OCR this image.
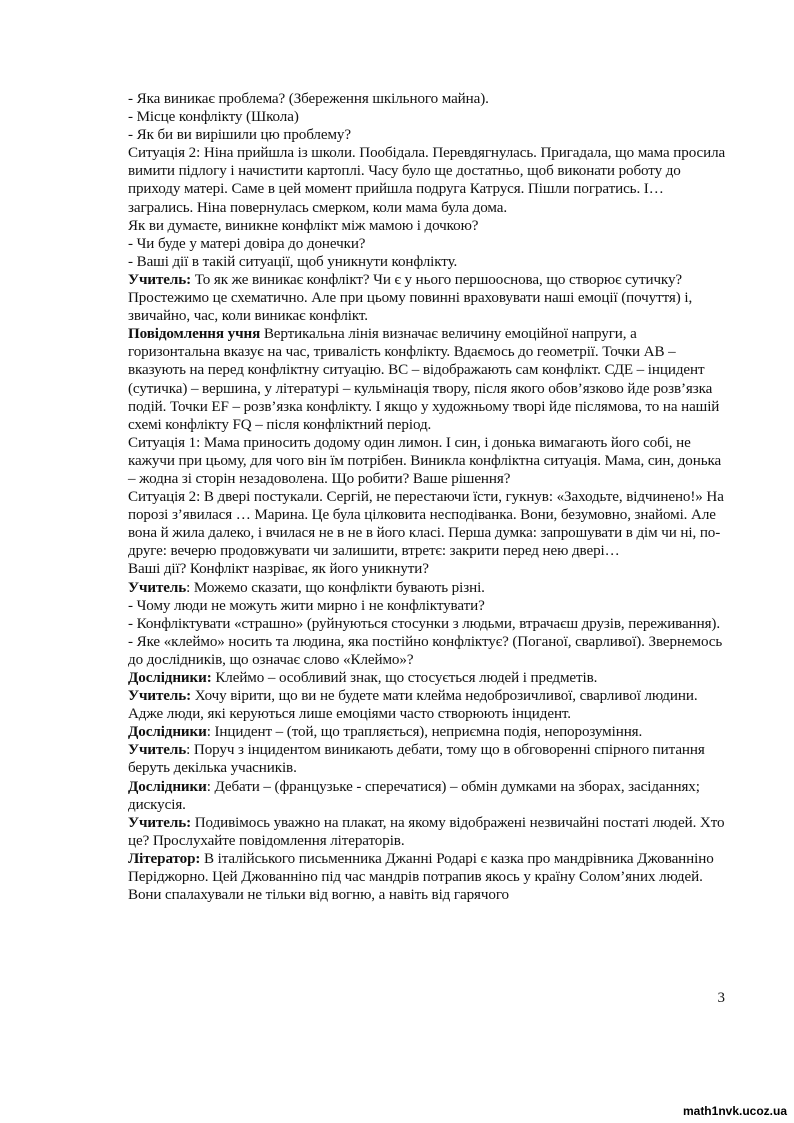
- Яка виникає проблема? (Збереження шкільного майна).

- Місце конфлікту (Школа)

- Як би ви вирішили цю проблему?

Ситуація 2: Ніна прийшла із школи. Пообідала. Перевдягнулась. Пригадала, що мама просила вимити підлогу і начистити картоплі. Часу було ще достатньо, щоб виконати роботу до приходу матері. Саме в цей момент прийшла подруга Катруся. Пішли погратись. І… загрались. Ніна повернулась смерком, коли мама була дома.

Як ви думаєте, виникне конфлікт між мамою і дочкою?

- Чи буде у матері довіра до донечки?

- Ваші дії в такій ситуації, щоб уникнути конфлікту.

Учитель: То як же виникає конфлікт? Чи є у нього першооснова, що створює сутичку? Простежимо це схематично. Але при цьому повинні враховувати наші емоції (почуття) і, звичайно, час, коли виникає конфлікт.

Повідомлення учня Вертикальна лінія визначає величину емоційної напруги, а горизонтальна вказує на час, тривалість конфлікту. Вдаємось до геометрії. Точки АВ – вказують на перед конфліктну ситуацію. ВС – відображають сам конфлікт. СДЕ – інцидент (сутичка) – вершина, у літературі – кульмінація твору, після якого обов’язково йде розв’язка подій. Точки ЕF – розв’язка конфлікту. І якщо у художньому творі йде післямова, то на нашій схемі конфлікту FQ – після конфліктний період.

Ситуація 1: Мама приносить додому один лимон. І син, і донька вимагають його собі, не кажучи при цьому, для чого він їм потрібен. Виникла конфліктна ситуація. Мама, син, донька – жодна зі сторін незадоволена. Що робити? Ваше рішення?

Ситуація 2: В двері постукали. Сергій, не перестаючи їсти, гукнув: «Заходьте, відчинено!» На порозі з’явилася … Марина. Це була цілковита несподіванка. Вони, безумовно, знайомі. Але вона й жила далеко, і вчилася не в не в його класі. Перша думка: запрошувати в дім чи ні, по-друге: вечерю продовжувати чи залишити, втретє: закрити перед нею двері…

Ваші дії? Конфлікт назріває, як його уникнути?

Учитель: Можемо сказати, що конфлікти бувають різні.

- Чому люди не можуть жити мирно і не конфліктувати?

- Конфліктувати «страшно» (руйнуються стосунки з людьми, втрачаєш друзів, переживання).

- Яке «клеймо» носить та людина, яка постійно конфліктує? (Поганої, сварливої). Звернемось до дослідників, що означає слово «Клеймо»?

Дослідники: Клеймо – особливий знак, що стосується людей і предметів.

Учитель: Хочу вірити, що ви не будете мати клейма недоброзичливої, сварливої людини. Адже люди, які керуються лише емоціями часто створюють інцидент.

Дослідники: Інцидент – (той, що трапляється), неприємна подія, непорозуміння.

Учитель: Поруч з інцидентом виникають дебати, тому що в обговоренні спірного питання беруть декілька учасників.

Дослідники: Дебати – (французьке - сперечатися) – обмін думками на зборах, засіданнях; дискусія.

Учитель: Подивімось уважно на плакат, на якому відображені незвичайні постаті людей. Хто це? Прослухайте повідомлення літераторів.

Літератор: В італійського письменника Джанні Родарі є казка про мандрівника Джованніно Періджорно. Цей Джованніно під час мандрів потрапив якось у країну Солом’яних людей. Вони спалахували не тільки від вогню, а навіть від гарячого

3
math1nvk.ucoz.ua
